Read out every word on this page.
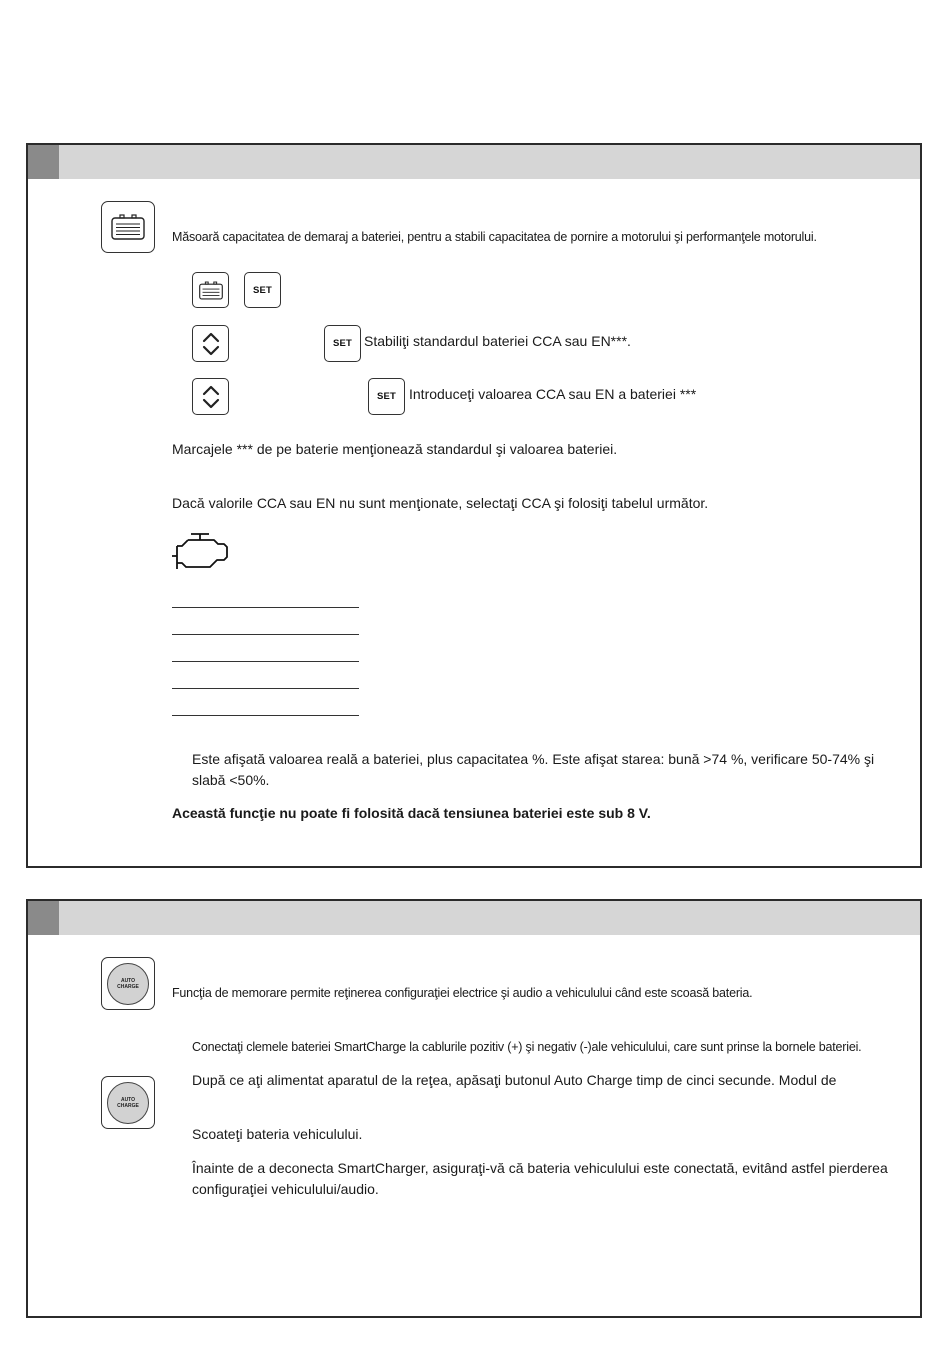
Măsoară capacitatea de demaraj a bateriei, pentru a stabili capacitatea de pornire a motorului şi performanţele motorului.
SET
SET Stabiliţi standardul bateriei CCA sau EN***.
SET Introduceţi valoarea CCA sau EN a bateriei ***
Marcajele *** de pe baterie menţionează standardul şi valoarea bateriei.
Dacă valorile CCA sau EN nu sunt menţionate, selectaţi CCA şi folosiţi tabelul următor.
Este afişată valoarea reală a bateriei, plus capacitatea %. Este afişat starea: bună >74 %, verificare 50-74% şi slabă <50%.
Această funcţie nu poate fi folosită dacă tensiunea bateriei este sub 8 V.
AUTO
CHARGE	Funcţia de memorare permite reţinerea configuraţiei electrice şi audio a vehiculului când este scoasă bateria.
Conectaţi clemele bateriei SmartCharge la cablurile pozitiv (+) şi negativ (-)ale vehiculului, care sunt prinse la bornele bateriei.
AUTO
CHARGE
După ce aţi alimentat aparatul de la reţea, apăsaţi butonul Auto Charge timp de cinci secunde. Modul de
Scoateţi bateria vehiculului.
Înainte de a deconecta SmartCharger, asiguraţi-vă că bateria vehiculului este conectată, evitând astfel pierderea configuraţiei vehiculului/audio.
